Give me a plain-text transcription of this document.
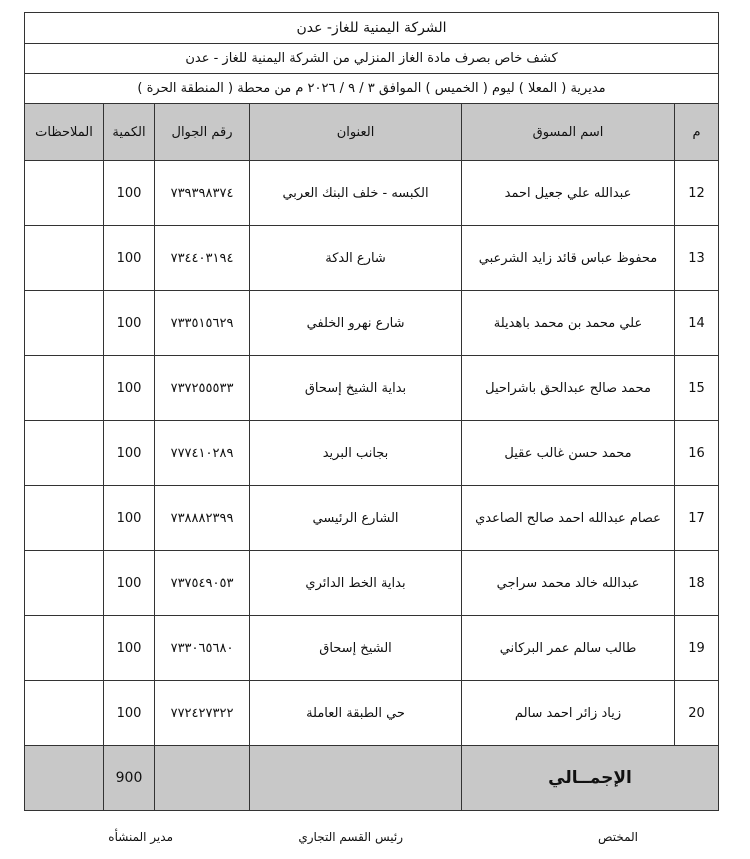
الشركة اليمنية للغاز- عدن					
كشف خاص بصرف مادة الغاز المنزلي من الشركة اليمنية للغاز - عدن					
مديرية ( المعلا ) ليوم ( الخميس ) الموافق ٣ / ٩ / ٢٠٢٦ م من محطة ( المنطقة الحرة )					
م	اسم المسوق	العنوان	رقم الجوال	الكمية	الملاحظات
12	عبدالله علي جعيل احمد	الكبسه - خلف البنك العربي	٧٣٩٣٩٨٣٧٤	100	
13	محفوظ عباس قائد زايد الشرعبي	شارع الدكة	٧٣٤٤٠٣١٩٤	100	
14	علي محمد بن محمد باهديلة	شارع نهرو الخلفي	٧٣٣٥١٥٦٢٩	100	
15	محمد صالح عبدالحق باشراحيل	بداية الشيخ إسحاق	٧٣٧٢٥٥٥٣٣	100	
16	محمد حسن غالب عقيل	بجانب البريد	٧٧٧٤١٠٢٨٩	100	
17	عصام عبدالله احمد صالح الصاعدي	الشارع الرئيسي	٧٣٨٨٨٢٣٩٩	100	
18	عبدالله خالد محمد سراجي	بداية الخط الدائري	٧٣٧٥٤٩٠٥٣	100	
19	طالب سالم عمر البركاني	الشيخ إسحاق	٧٣٣٠٦٥٦٨٠	100	
20	زياد زائر احمد سالم	حي الطبقة العاملة	٧٧٢٤٢٧٣٢٢	100	
الإجمــالي				900	
المختص
رئيس القسم التجاري
مدير المنشأه
